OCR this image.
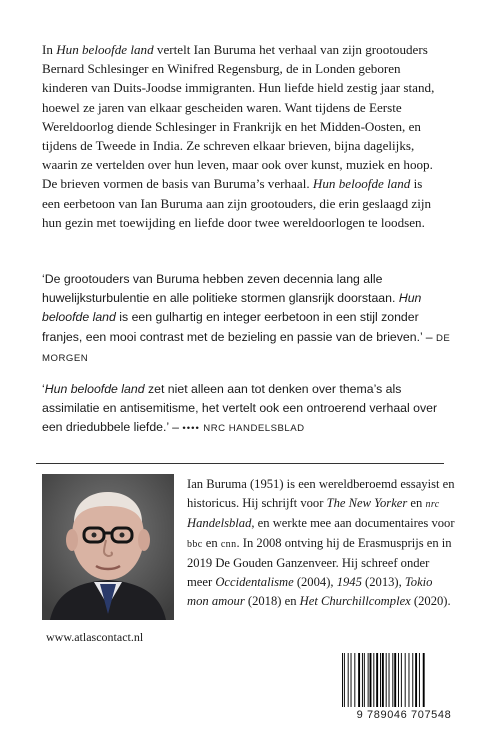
In Hun beloofde land vertelt Ian Buruma het verhaal van zijn grootouders Bernard Schlesinger en Winifred Regensburg, de in Londen geboren kinderen van Duits-Joodse immigranten. Hun liefde hield zestig jaar stand, hoewel ze jaren van elkaar gescheiden waren. Want tijdens de Eerste Wereldoorlog diende Schlesinger in Frankrijk en het Midden-Oosten, en tijdens de Tweede in India. Ze schreven elkaar brieven, bijna dagelijks, waarin ze vertelden over hun leven, maar ook over kunst, muziek en hoop. De brieven vormen de basis van Buruma’s verhaal. Hun beloofde land is een eerbetoon van Ian Buruma aan zijn grootouders, die erin geslaagd zijn hun gezin met toewijding en liefde door twee wereldoorlogen te loodsen.

‘De grootouders van Buruma hebben zeven decennia lang alle huwelijksturbulentie en alle politieke stormen glansrijk doorstaan. Hun beloofde land is een gulhartig en integer eerbetoon in een stijl zonder franjes, een mooi contrast met de bezieling en passie van de brieven.’ – DE MORGEN

‘Hun beloofde land zet niet alleen aan tot denken over thema’s als assimilatie en antisemitisme, het vertelt ook een ontroerend verhaal over een driedubbele liefde.’ – •••• NRC HANDELSBLAD

Ian Buruma (1951) is een wereldberoemd essayist en historicus. Hij schrijft voor The New Yorker en nrc Handelsblad, en werkte mee aan documentaires voor bbc en cnn. In 2008 ontving hij de Erasmusprijs en in 2019 De Gouden Ganzenveer. Hij schreef onder meer Occidentalisme (2004), 1945 (2013), Tokio mon amour (2018) en Het Churchillcomplex (2020).

www.atlascontact.nl
9 789046 707548
